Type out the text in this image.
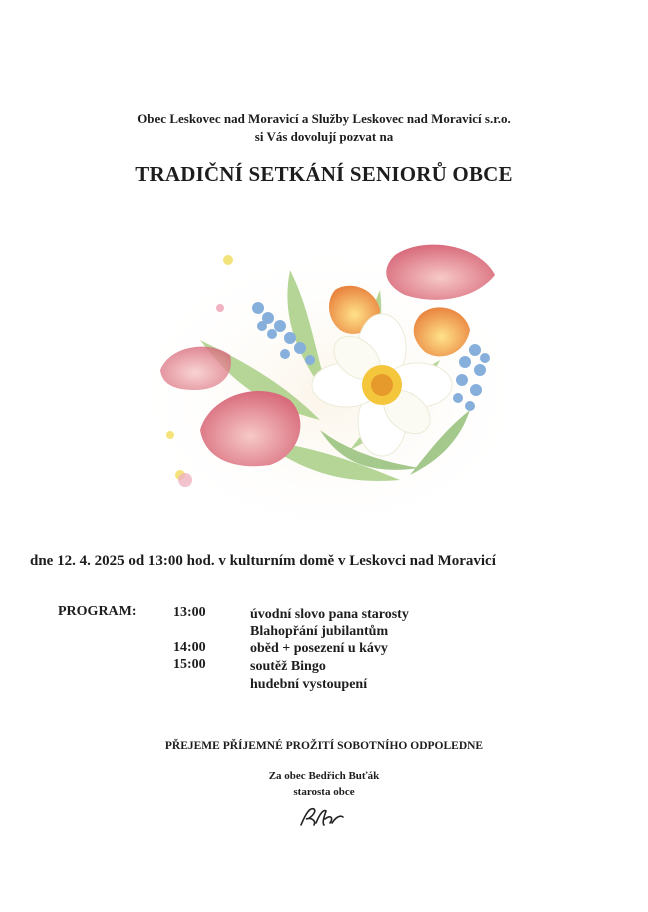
Obec Leskovec nad Moravicí a Služby Leskovec nad Moravicí s.r.o.
si Vás dovolují pozvat na
TRADIČNÍ SETKÁNÍ SENIORŮ OBCE
dne 12. 4. 2025 od 13:00 hod. v kulturním domě v Leskovci nad Moravicí
PROGRAM:	13:00	úvodní slovo pana starosty
Blahopřání jubilantům
14:00	oběd + posezení u kávy
15:00	soutěž Bingo
hudební vystoupení
PŘEJEME PŘÍJEMNÉ PROŽITÍ SOBOTNÍHO ODPOLEDNE
Za obec Bedřich Buťák
starosta obce
